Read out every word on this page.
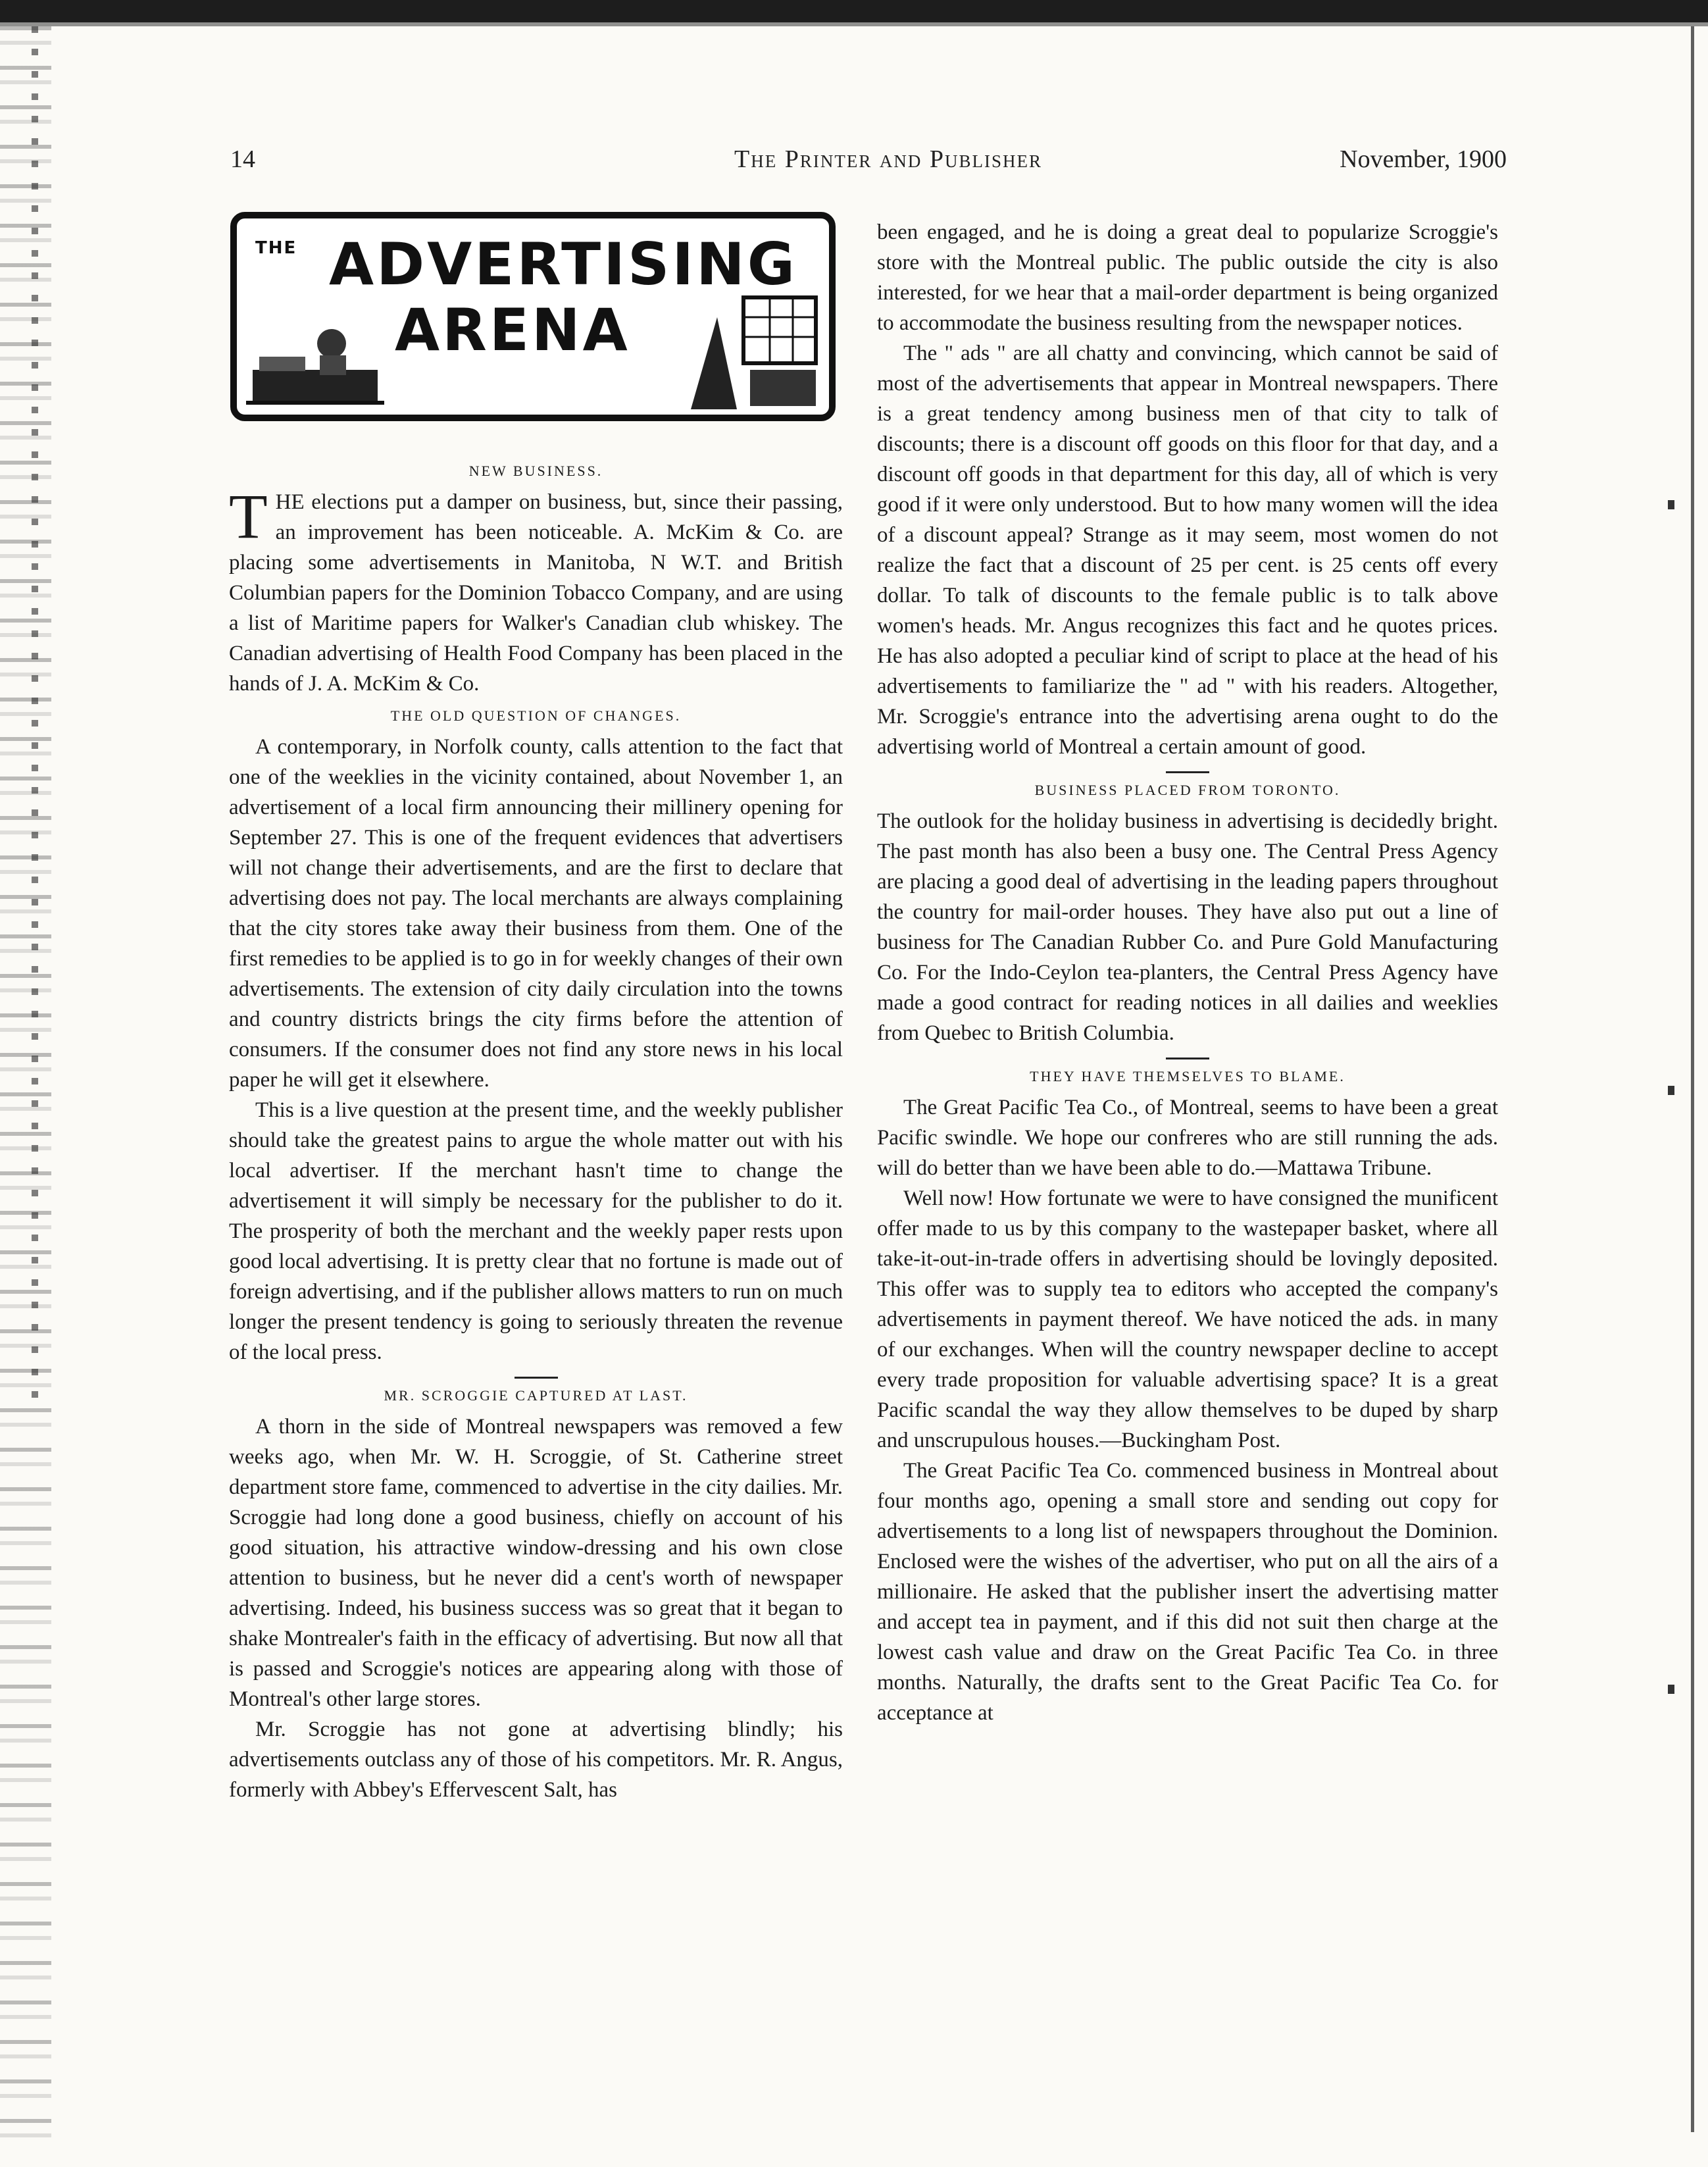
14	The Printer and Publisher	November, 1900
THE ADVERTISING
ARENA
NEW BUSINESS.

THE elections put a damper on business, but, since their passing, an improvement has been noticeable. A. McKim & Co. are placing some advertisements in Manitoba, N W.T. and British Columbian papers for the Dominion Tobacco Company, and are using a list of Maritime papers for Walker's Canadian club whiskey. The Canadian advertising of Health Food Company has been placed in the hands of J. A. McKim & Co.

THE OLD QUESTION OF CHANGES.

A contemporary, in Norfolk county, calls attention to the fact that one of the weeklies in the vicinity contained, about November 1, an advertisement of a local firm announcing their millinery opening for September 27. This is one of the frequent evidences that advertisers will not change their advertisements, and are the first to declare that advertising does not pay. The local merchants are always complaining that the city stores take away their business from them. One of the first remedies to be applied is to go in for weekly changes of their own advertisements. The extension of city daily circulation into the towns and country districts brings the city firms before the attention of consumers. If the consumer does not find any store news in his local paper he will get it elsewhere.

This is a live question at the present time, and the weekly publisher should take the greatest pains to argue the whole matter out with his local advertiser. If the merchant hasn't time to change the advertisement it will simply be necessary for the publisher to do it. The prosperity of both the merchant and the weekly paper rests upon good local advertising. It is pretty clear that no fortune is made out of foreign advertising, and if the publisher allows matters to run on much longer the present tendency is going to seriously threaten the revenue of the local press.

MR. SCROGGIE CAPTURED AT LAST.

A thorn in the side of Montreal newspapers was removed a few weeks ago, when Mr. W. H. Scroggie, of St. Catherine street department store fame, commenced to advertise in the city dailies. Mr. Scroggie had long done a good business, chiefly on account of his good situation, his attractive window-dressing and his own close attention to business, but he never did a cent's worth of newspaper advertising. Indeed, his business success was so great that it began to shake Montrealer's faith in the efficacy of advertising. But now all that is passed and Scroggie's notices are appearing along with those of Montreal's other large stores.

Mr. Scroggie has not gone at advertising blindly; his advertisements outclass any of those of his competitors. Mr. R. Angus, formerly with Abbey's Effervescent Salt, has

been engaged, and he is doing a great deal to popularize Scroggie's store with the Montreal public. The public outside the city is also interested, for we hear that a mail-order department is being organized to accommodate the business resulting from the newspaper notices.

The " ads " are all chatty and convincing, which cannot be said of most of the advertisements that appear in Montreal newspapers. There is a great tendency among business men of that city to talk of discounts; there is a discount off goods on this floor for that day, and a discount off goods in that department for this day, all of which is very good if it were only understood. But to how many women will the idea of a discount appeal? Strange as it may seem, most women do not realize the fact that a discount of 25 per cent. is 25 cents off every dollar. To talk of discounts to the female public is to talk above women's heads. Mr. Angus recognizes this fact and he quotes prices. He has also adopted a peculiar kind of script to place at the head of his advertisements to familiarize the " ad " with his readers. Altogether, Mr. Scroggie's entrance into the advertising arena ought to do the advertising world of Montreal a certain amount of good.

BUSINESS PLACED FROM TORONTO.

The outlook for the holiday business in advertising is decidedly bright. The past month has also been a busy one. The Central Press Agency are placing a good deal of advertising in the leading papers throughout the country for mail-order houses. They have also put out a line of business for The Canadian Rubber Co. and Pure Gold Manufacturing Co. For the Indo-Ceylon tea-planters, the Central Press Agency have made a good contract for reading notices in all dailies and weeklies from Quebec to British Columbia.

THEY HAVE THEMSELVES TO BLAME.

The Great Pacific Tea Co., of Montreal, seems to have been a great Pacific swindle. We hope our confreres who are still running the ads. will do better than we have been able to do.—Mattawa Tribune.

Well now! How fortunate we were to have consigned the munificent offer made to us by this company to the wastepaper basket, where all take-it-out-in-trade offers in advertising should be lovingly deposited. This offer was to supply tea to editors who accepted the company's advertisements in payment thereof. We have noticed the ads. in many of our exchanges. When will the country newspaper decline to accept every trade proposition for valuable advertising space? It is a great Pacific scandal the way they allow themselves to be duped by sharp and unscrupulous houses.—Buckingham Post.

The Great Pacific Tea Co. commenced business in Montreal about four months ago, opening a small store and sending out copy for advertisements to a long list of newspapers throughout the Dominion. Enclosed were the wishes of the advertiser, who put on all the airs of a millionaire. He asked that the publisher insert the advertising matter and accept tea in payment, and if this did not suit then charge at the lowest cash value and draw on the Great Pacific Tea Co. in three months. Naturally, the drafts sent to the Great Pacific Tea Co. for acceptance at
